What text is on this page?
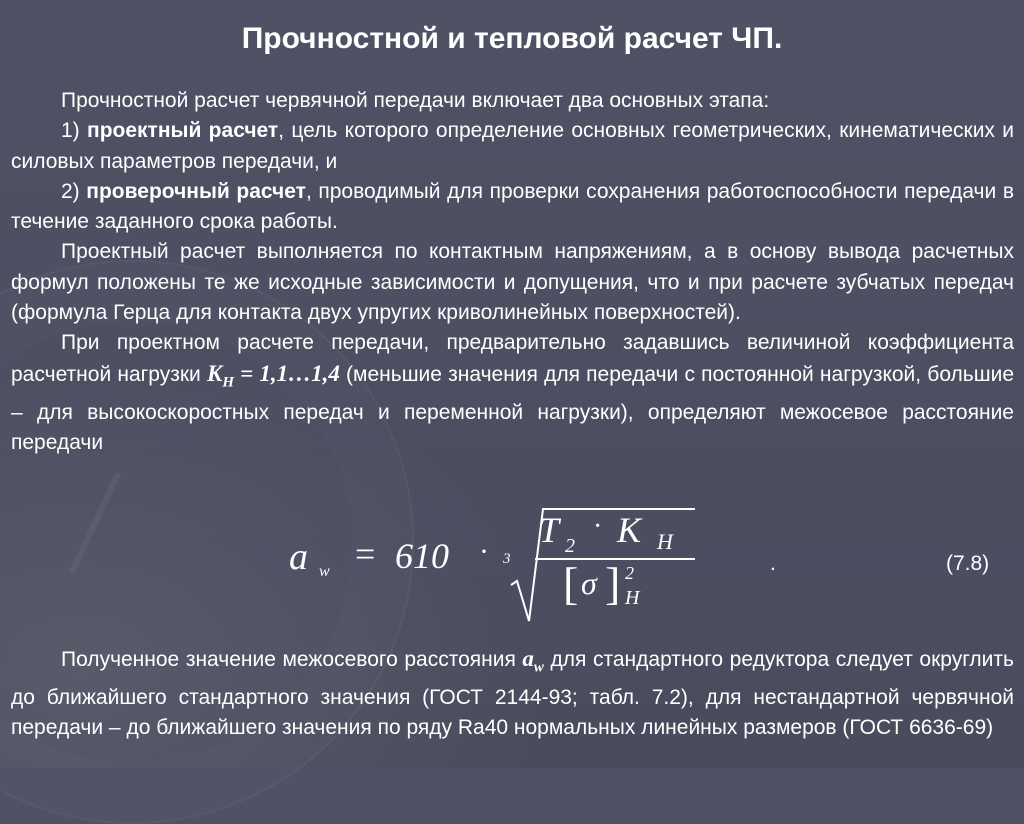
Прочностной и тепловой расчет ЧП.

Прочностной расчет червячной передачи включает два основных этапа:

1) проектный расчет, цель которого определение основных геометрических, кинематических и силовых параметров передачи, и

2) проверочный расчет, проводимый для проверки сохранения работоспособности передачи в течение заданного срока работы.

Проектный расчет выполняется по контактным напряжениям, а в основу вывода расчетных формул положены те же исходные зависимости и допущения, что и при расчете зубчатых передач (формула Герца для контакта двух упругих криволинейных поверхностей).

При проектном расчете передачи, предварительно задавшись величиной коэффициента расчетной нагрузки $K_H$ = 1,1…1,4 (меньшие значения для передачи с постоянной нагрузкой, большие – для высокоскоростных передач и переменной нагрузки), определяют межосевое расстояние передачи

a w = 610 · 3
T 2
· K H
[ σ ] 2
H
.	(7.8)

Полученное значение межосевого расстояния $a_w$ для стандартного редуктора следует округлить до ближайшего стандартного значения (ГОСТ 2144-93; табл. 7.2), для нестандартной червячной передачи – до ближайшего значения по ряду Ra40 нормальных линейных размеров (ГОСТ 6636-69)
